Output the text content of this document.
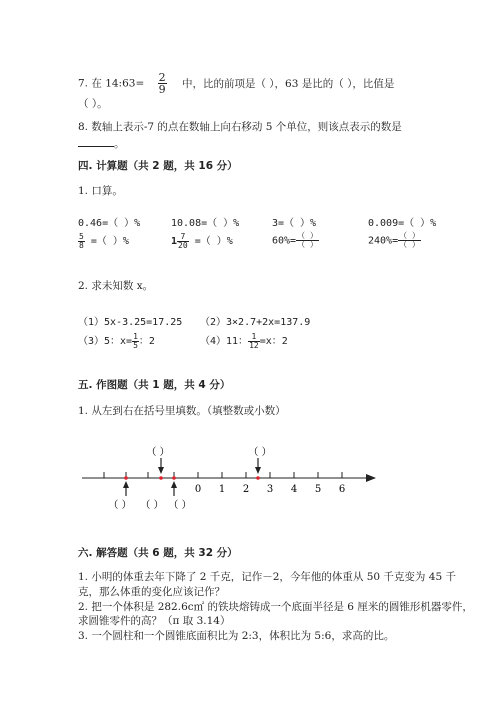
7. 在 14:63= $\frac{2}{9}$ 中，比的前项是（ ），63 是比的（ ），比值是
（ ）。
8. 数轴上表示-7 的点在数轴上向右移动 5 个单位，则该点表示的数是
。
四. 计算题（共 2 题，共 16 分）
1. 口算。
0.46=（ ）%	10.08=（ ）%	3=（ ）%	0.009=（ ）%
$\frac{5}{8}$ =（ ）%	$1 \frac{7}{20}$ =（ ）%	$60\%= \frac{( )}{( )}$	$240\%= \frac{( )}{( )}$
2. 求未知数 x。
（1）5x-3.25=17.25 （2）3×2.7+2x=137.9
（3）5：$x= \frac{1}{5}$ ：2	（4）11： $\frac{1}{12} =x$：2
五. 作图题（共 1 题，共 4 分）
1. 从左到右在括号里填数。（填整数或小数）
0 1 2 3 4 5 6
（ ）	（ ）
（ ） （ ） （ ）
六. 解答题（共 6 题，共 32 分）
1. 小明的体重去年下降了 2 千克，记作－2，今年他的体重从 50 千克变为 45 千
克，那么体重的变化应该记作？
2. 把一个体积是 282.6c㎡ 的铁块熔铸成一个底面半径是 6 厘米的圆锥形机器零件，
求圆锥零件的高？（π 取 3.14）
3. 一个圆柱和一个圆锥底面积比为 2:3，体积比为 5:6，求高的比。
